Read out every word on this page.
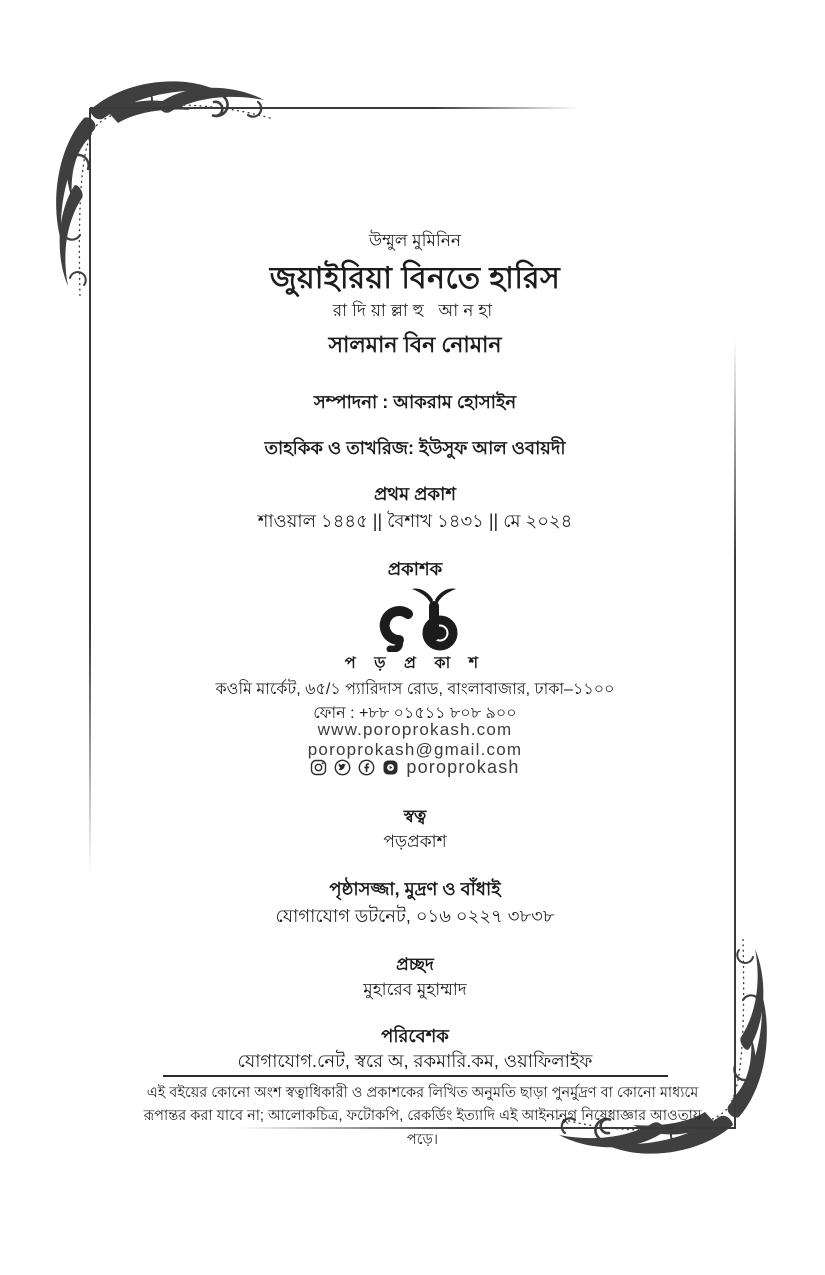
উম্মুল মুমিনিন
জুয়াইরিয়া বিনতে হারিস
রাদিয়াল্লাহু আনহা
সালমান বিন নোমান
সম্পাদনা : আকরাম হোসাইন
তাহকিক ও তাখরিজ: ইউসুফ আল ওবায়দী
প্রথম প্রকাশ
শাওয়াল ১৪৪৫ || বৈশাখ ১৪৩১ || মে ২০২৪
প্রকাশক
প ড় প্র কা শ
কওমি মার্কেট, ৬৫/১ প্যারিদাস রোড, বাংলাবাজার, ঢাকা–১১০০
ফোন : +৮৮ ০১৫১১ ৮০৮ ৯০০
www.poroprokash.com
poroprokash@gmail.com
poroprokash
স্বত্ব
পড়প্রকাশ
পৃষ্ঠাসজ্জা, মুদ্রণ ও বাঁধাই
যোগাযোগ ডটনেট, ০১৬ ০২২৭ ৩৮৩৮
প্রচ্ছদ
মুহারেব মুহাম্মাদ
পরিবেশক
যোগাযোগ.নেট, স্বরে অ, রকমারি.কম, ওয়াফিলাইফ
এই বইয়ের কোনো অংশ স্বত্বাধিকারী ও প্রকাশকের লিখিত অনুমতি ছাড়া পুনর্মুদ্রণ বা কোনো মাধ্যমে রূপান্তর করা যাবে না; আলোকচিত্র, ফটোকপি, রেকর্ডিং ইত্যাদি এই আইনানুগ নিষেধাজ্ঞার আওতায় পড়ে।
